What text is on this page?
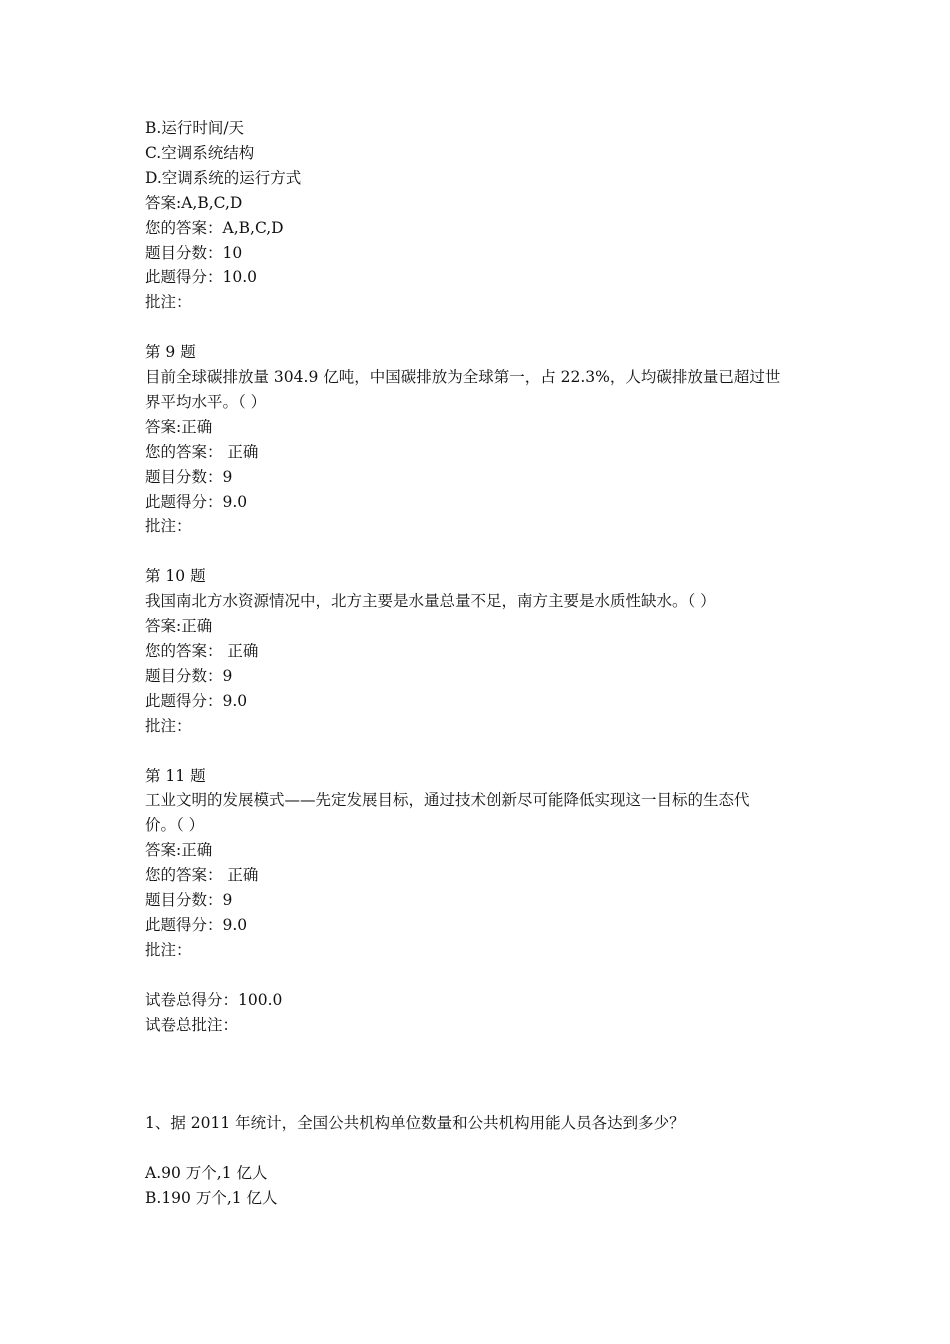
B.运行时间/天
C.空调系统结构
D.空调系统的运行方式
答案:A,B,C,D
您的答案：A,B,C,D
题目分数：10
此题得分：10.0
批注：
第 9 题
目前全球碳排放量 304.9 亿吨，中国碳排放为全球第一，占 22.3%，人均碳排放量已超过世
界平均水平。（ ）
答案:正确
您的答案： 正确
题目分数：9
此题得分：9.0
批注：
第 10 题
我国南北方水资源情况中，北方主要是水量总量不足，南方主要是水质性缺水。（ ）
答案:正确
您的答案： 正确
题目分数：9
此题得分：9.0
批注：
第 11 题
工业文明的发展模式——先定发展目标，通过技术创新尽可能降低实现这一目标的生态代
价。（ ）
答案:正确
您的答案： 正确
题目分数：9
此题得分：9.0
批注：
试卷总得分：100.0
试卷总批注：
1、据 2011 年统计，全国公共机构单位数量和公共机构用能人员各达到多少？
A.90 万个,1 亿人
B.190 万个,1 亿人
